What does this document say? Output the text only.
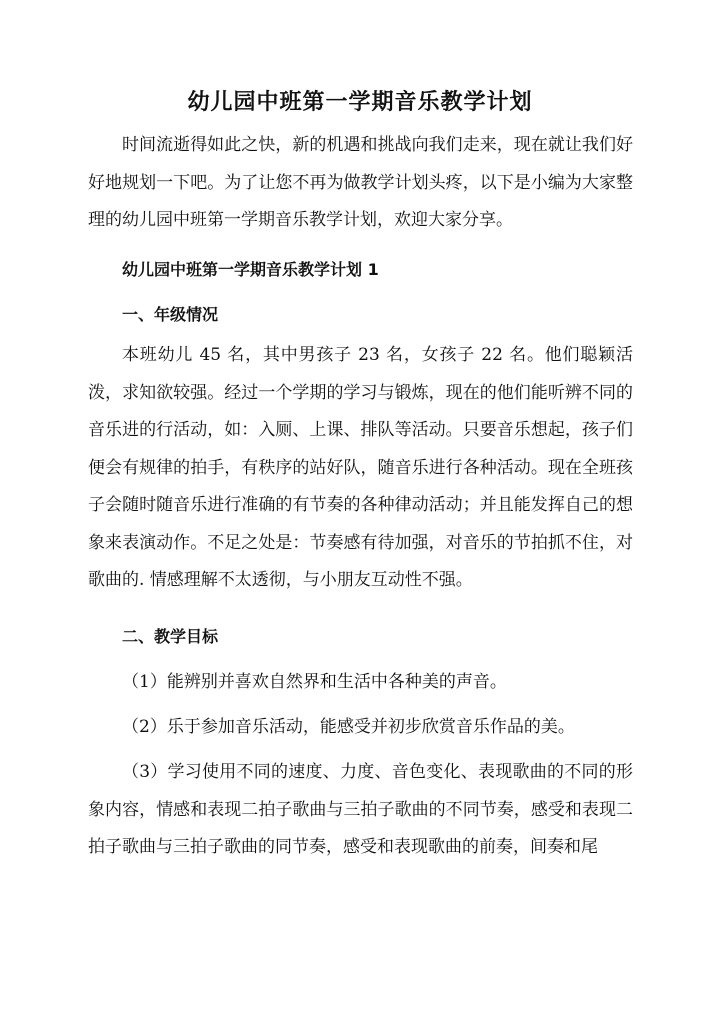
幼儿园中班第一学期音乐教学计划

时间流逝得如此之快，新的机遇和挑战向我们走来，现在就让我们好好地规划一下吧。为了让您不再为做教学计划头疼，以下是小编为大家整理的幼儿园中班第一学期音乐教学计划，欢迎大家分享。

幼儿园中班第一学期音乐教学计划 1

一、年级情况

本班幼儿 45 名，其中男孩子 23 名，女孩子 22 名。他们聪颖活泼，求知欲较强。经过一个学期的学习与锻炼，现在的他们能听辨不同的音乐进的行活动，如：入厕、上课、排队等活动。只要音乐想起，孩子们便会有规律的拍手，有秩序的站好队，随音乐进行各种活动。现在全班孩子会随时随音乐进行准确的有节奏的各种律动活动；并且能发挥自己的想象来表演动作。不足之处是：节奏感有待加强，对音乐的节拍抓不住，对歌曲的. 情感理解不太透彻，与小朋友互动性不强。

二、教学目标

（1）能辨别并喜欢自然界和生活中各种美的声音。

（2）乐于参加音乐活动，能感受并初步欣赏音乐作品的美。

（3）学习使用不同的速度、力度、音色变化、表现歌曲的不同的形象内容，情感和表现二拍子歌曲与三拍子歌曲的不同节奏，感受和表现二拍子歌曲与三拍子歌曲的同节奏，感受和表现歌曲的前奏，间奏和尾
